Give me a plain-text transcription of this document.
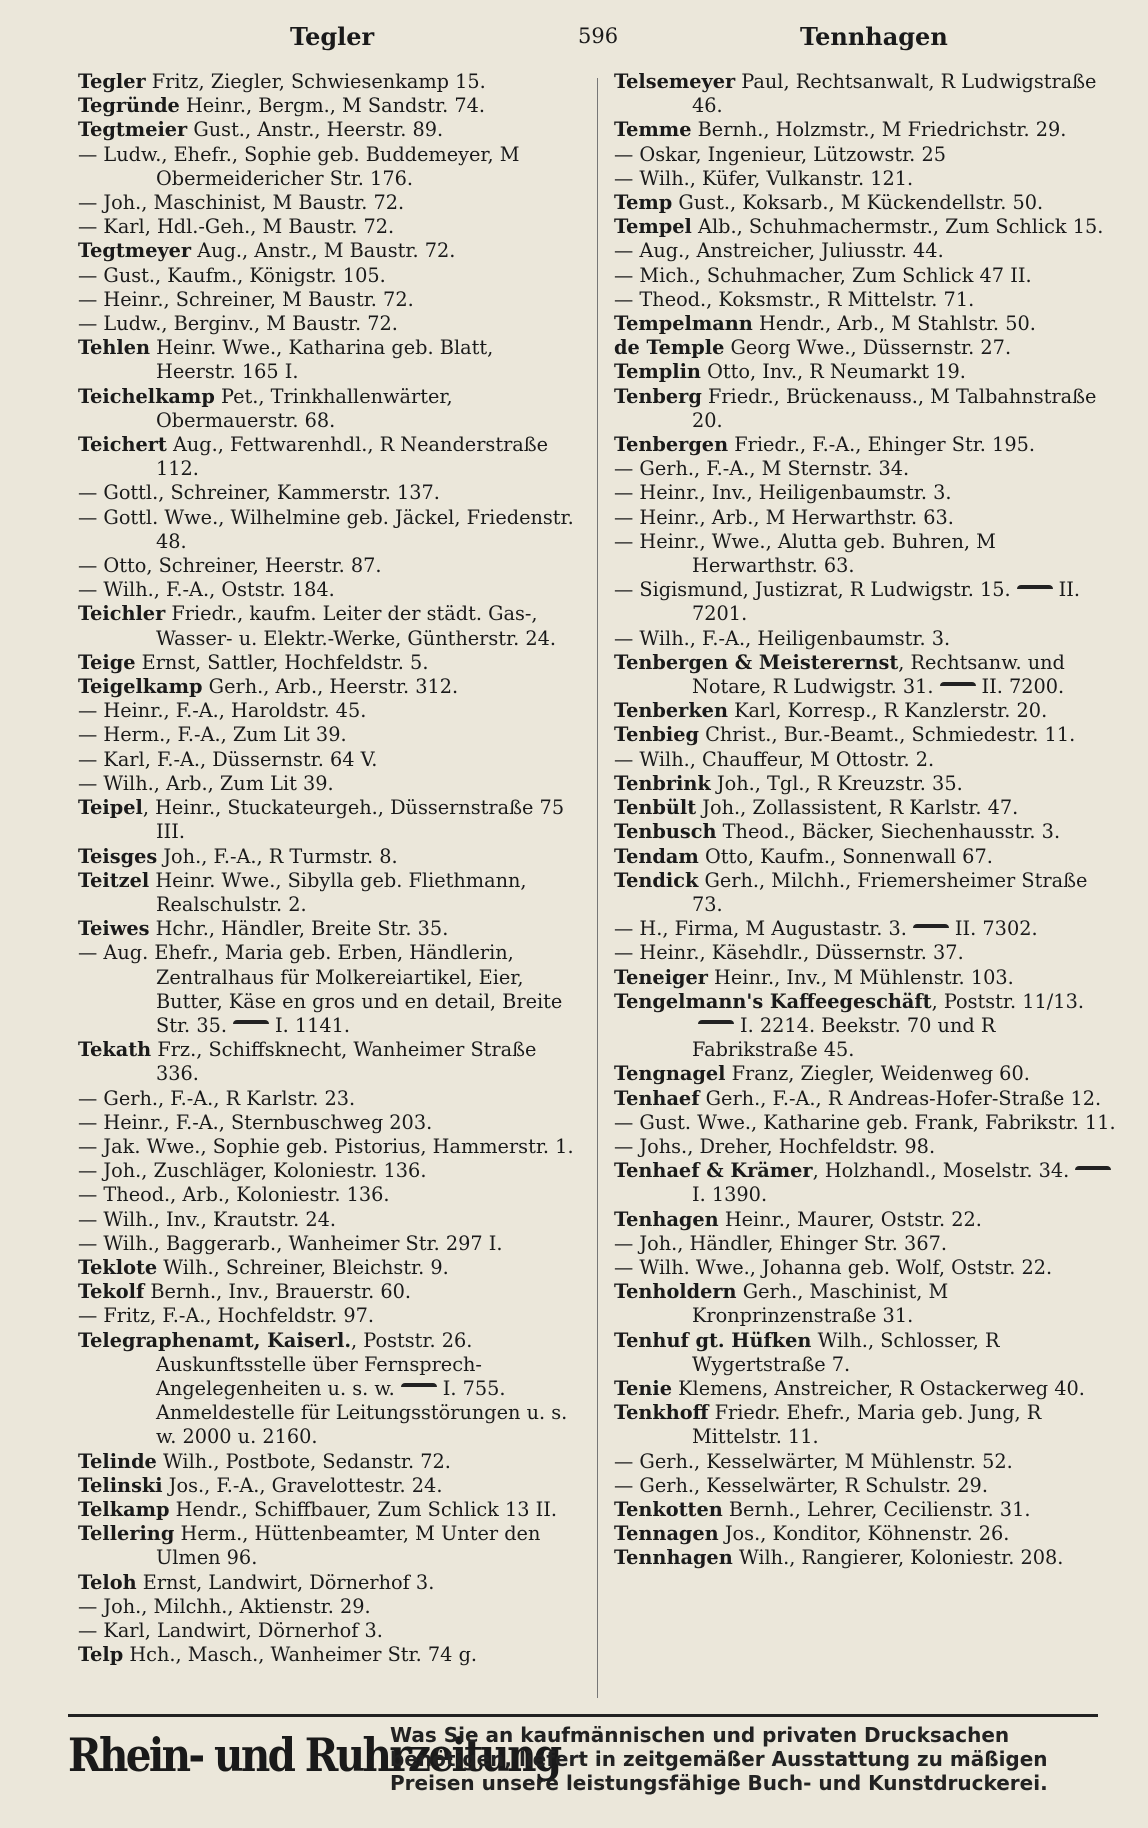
Tegler	596	Tennhagen

Tegler Fritz, Ziegler, Schwiesenkamp 15.

Tegründe Heinr., Bergm., M Sandstr. 74.

Tegtmeier Gust., Anstr., Heerstr. 89.

— Ludw., Ehefr., Sophie geb. Buddemeyer, M Obermeidericher Str. 176.

— Joh., Maschinist, M Baustr. 72.

— Karl, Hdl.-Geh., M Baustr. 72.

Tegtmeyer Aug., Anstr., M Baustr. 72.

— Gust., Kaufm., Königstr. 105.

— Heinr., Schreiner, M Baustr. 72.

— Ludw., Berginv., M Baustr. 72.

Tehlen Heinr. Wwe., Katharina geb. Blatt, Heerstr. 165 I.

Teichelkamp Pet., Trinkhallenwärter, Obermauerstr. 68.

Teichert Aug., Fettwarenhdl., R Neanderstraße 112.

— Gottl., Schreiner, Kammerstr. 137.

— Gottl. Wwe., Wilhelmine geb. Jäckel, Friedenstr. 48.

— Otto, Schreiner, Heerstr. 87.

— Wilh., F.-A., Oststr. 184.

Teichler Friedr., kaufm. Leiter der städt. Gas-, Wasser- u. Elektr.-Werke, Güntherstr. 24.

Teige Ernst, Sattler, Hochfeldstr. 5.

Teigelkamp Gerh., Arb., Heerstr. 312.

— Heinr., F.-A., Haroldstr. 45.

— Herm., F.-A., Zum Lit 39.

— Karl, F.-A., Düssernstr. 64 V.

— Wilh., Arb., Zum Lit 39.

Teipel, Heinr., Stuckateurgeh., Düssernstraße 75 III.

Teisges Joh., F.-A., R Turmstr. 8.

Teitzel Heinr. Wwe., Sibylla geb. Fliethmann, Realschulstr. 2.

Teiwes Hchr., Händler, Breite Str. 35.

— Aug. Ehefr., Maria geb. Erben, Händlerin, Zentralhaus für Molkereiartikel, Eier, Butter, Käse en gros und en detail, Breite Str. 35. I. 1141.

Tekath Frz., Schiffsknecht, Wanheimer Straße 336.

— Gerh., F.-A., R Karlstr. 23.

— Heinr., F.-A., Sternbuschweg 203.

— Jak. Wwe., Sophie geb. Pistorius, Hammerstr. 1.

— Joh., Zuschläger, Koloniestr. 136.

— Theod., Arb., Koloniestr. 136.

— Wilh., Inv., Krautstr. 24.

— Wilh., Baggerarb., Wanheimer Str. 297 I.

Teklote Wilh., Schreiner, Bleichstr. 9.

Tekolf Bernh., Inv., Brauerstr. 60.

— Fritz, F.-A., Hochfeldstr. 97.

Telegraphenamt, Kaiserl., Poststr. 26. Auskunftsstelle über Fernsprech-Angelegenheiten u. s. w. I. 755. Anmeldestelle für Leitungsstörungen u. s. w. 2000 u. 2160.

Telinde Wilh., Postbote, Sedanstr. 72.

Telinski Jos., F.-A., Gravelottestr. 24.

Telkamp Hendr., Schiffbauer, Zum Schlick 13 II.

Tellering Herm., Hüttenbeamter, M Unter den Ulmen 96.

Teloh Ernst, Landwirt, Dörnerhof 3.

— Joh., Milchh., Aktienstr. 29.

— Karl, Landwirt, Dörnerhof 3.

Telp Hch., Masch., Wanheimer Str. 74 g.

Telsemeyer Paul, Rechtsanwalt, R Ludwigstraße 46.

Temme Bernh., Holzmstr., M Friedrichstr. 29.

— Oskar, Ingenieur, Lützowstr. 25

— Wilh., Küfer, Vulkanstr. 121.

Temp Gust., Koksarb., M Kückendellstr. 50.

Tempel Alb., Schuhmachermstr., Zum Schlick 15.

— Aug., Anstreicher, Juliusstr. 44.

— Mich., Schuhmacher, Zum Schlick 47 II.

— Theod., Koksmstr., R Mittelstr. 71.

Tempelmann Hendr., Arb., M Stahlstr. 50.

de Temple Georg Wwe., Düssernstr. 27.

Templin Otto, Inv., R Neumarkt 19.

Tenberg Friedr., Brückenauss., M Talbahnstraße 20.

Tenbergen Friedr., F.-A., Ehinger Str. 195.

— Gerh., F.-A., M Sternstr. 34.

— Heinr., Inv., Heiligenbaumstr. 3.

— Heinr., Arb., M Herwarthstr. 63.

— Heinr., Wwe., Alutta geb. Buhren, M Herwarthstr. 63.

— Sigismund, Justizrat, R Ludwigstr. 15. II. 7201.

— Wilh., F.-A., Heiligenbaumstr. 3.

Tenbergen & Meisterernst, Rechtsanw. und Notare, R Ludwigstr. 31. II. 7200.

Tenberken Karl, Korresp., R Kanzlerstr. 20.

Tenbieg Christ., Bur.-Beamt., Schmiedestr. 11.

— Wilh., Chauffeur, M Ottostr. 2.

Tenbrink Joh., Tgl., R Kreuzstr. 35.

Tenbült Joh., Zollassistent, R Karlstr. 47.

Tenbusch Theod., Bäcker, Siechenhausstr. 3.

Tendam Otto, Kaufm., Sonnenwall 67.

Tendick Gerh., Milchh., Friemersheimer Straße 73.

— H., Firma, M Augustastr. 3. II. 7302.

— Heinr., Käsehdlr., Düssernstr. 37.

Teneiger Heinr., Inv., M Mühlenstr. 103.

Tengelmann's Kaffeegeschäft, Poststr. 11/13.I. 2214. Beekstr. 70 und R Fabrikstraße 45.

Tengnagel Franz, Ziegler, Weidenweg 60.

Tenhaef Gerh., F.-A., R Andreas-Hofer-Straße 12.

— Gust. Wwe., Katharine geb. Frank, Fabrikstr. 11.

— Johs., Dreher, Hochfeldstr. 98.

Tenhaef & Krämer, Holzhandl., Moselstr. 34.I. 1390.

Tenhagen Heinr., Maurer, Oststr. 22.

— Joh., Händler, Ehinger Str. 367.

— Wilh. Wwe., Johanna geb. Wolf, Oststr. 22.

Tenholdern Gerh., Maschinist, M Kronprinzenstraße 31.

Tenhuf gt. Hüfken Wilh., Schlosser, R Wygertstraße 7.

Tenie Klemens, Anstreicher, R Ostackerweg 40.

Tenkhoff Friedr. Ehefr., Maria geb. Jung, R Mittelstr. 11.

— Gerh., Kesselwärter, M Mühlenstr. 52.

— Gerh., Kesselwärter, R Schulstr. 29.

Tenkotten Bernh., Lehrer, Cecilienstr. 31.

Tennagen Jos., Konditor, Köhnenstr. 26.

Tennhagen Wilh., Rangierer, Koloniestr. 208.

Rhein- und Ruhrzeitung
Was Sie an kaufmännischen und privaten Drucksachen
benötigen, liefert in zeitgemäßer Ausstattung zu mäßigen
Preisen unsere leistungsfähige Buch- und Kunstdruckerei.
